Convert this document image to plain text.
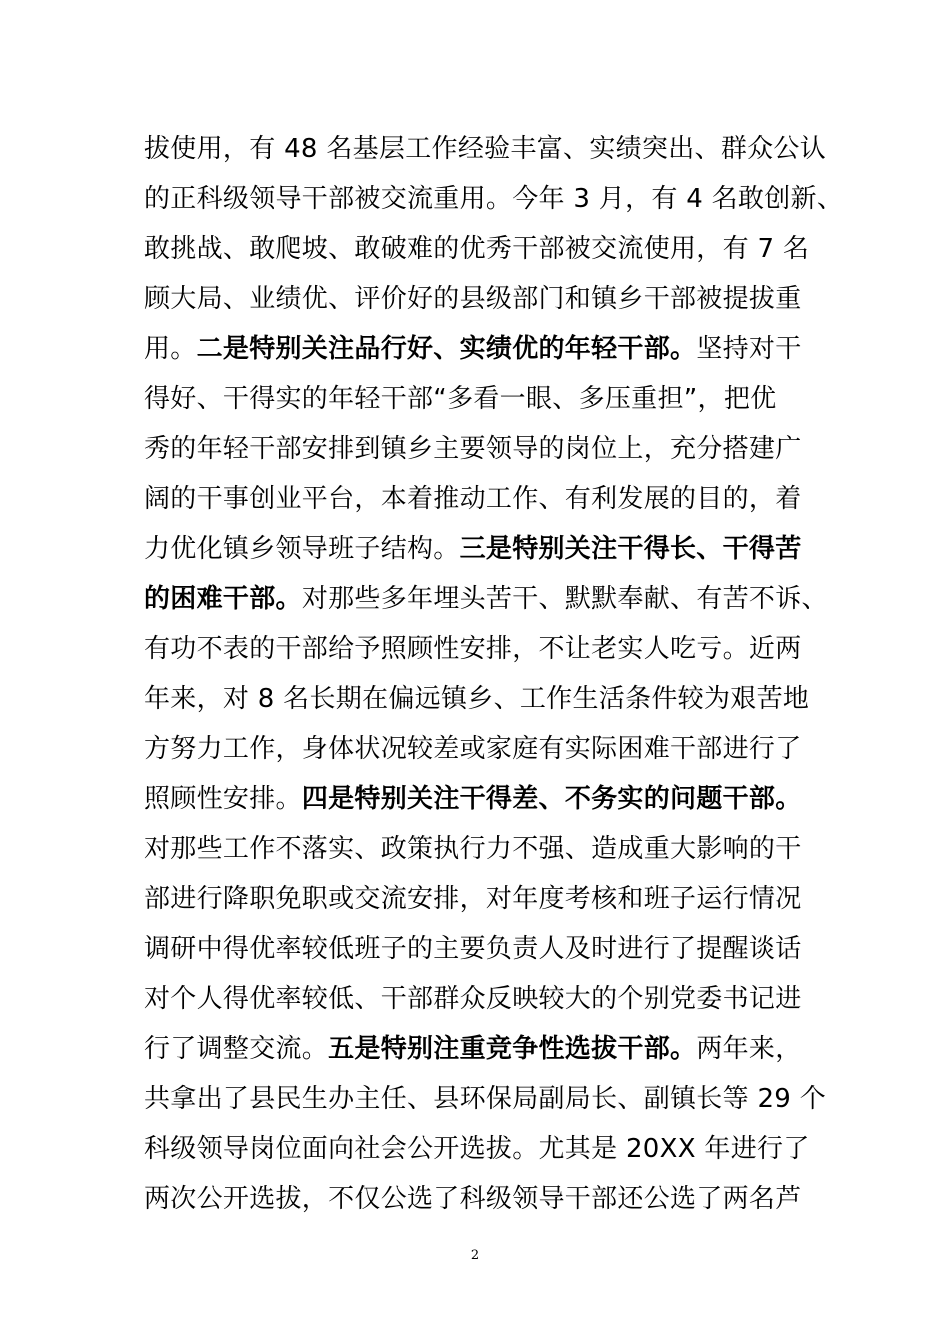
拔使用，有 48 名基层工作经验丰富、实绩突出、群众公认
的正科级领导干部被交流重用。今年 3 月，有 4 名敢创新、
敢挑战、敢爬坡、敢破难的优秀干部被交流使用，有 7 名
顾大局、业绩优、评价好的县级部门和镇乡干部被提拔重
用。二是特别关注品行好、实绩优的年轻干部。坚持对干
得好、干得实的年轻干部“多看一眼、多压重担”，把优
秀的年轻干部安排到镇乡主要领导的岗位上，充分搭建广
阔的干事创业平台，本着推动工作、有利发展的目的，着
力优化镇乡领导班子结构。三是特别关注干得长、干得苦
的困难干部。对那些多年埋头苦干、默默奉献、有苦不诉、
有功不表的干部给予照顾性安排，不让老实人吃亏。近两
年来，对 8 名长期在偏远镇乡、工作生活条件较为艰苦地
方努力工作，身体状况较差或家庭有实际困难干部进行了
照顾性安排。四是特别关注干得差、不务实的问题干部。
对那些工作不落实、政策执行力不强、造成重大影响的干
部进行降职免职或交流安排，对年度考核和班子运行情况
调研中得优率较低班子的主要负责人及时进行了提醒谈话
对个人得优率较低、干部群众反映较大的个别党委书记进
行了调整交流。五是特别注重竞争性选拔干部。两年来，
共拿出了县民生办主任、县环保局副局长、副镇长等 29 个
科级领导岗位面向社会公开选拔。尤其是 20XX 年进行了
两次公开选拔，不仅公选了科级领导干部还公选了两名芦
2
